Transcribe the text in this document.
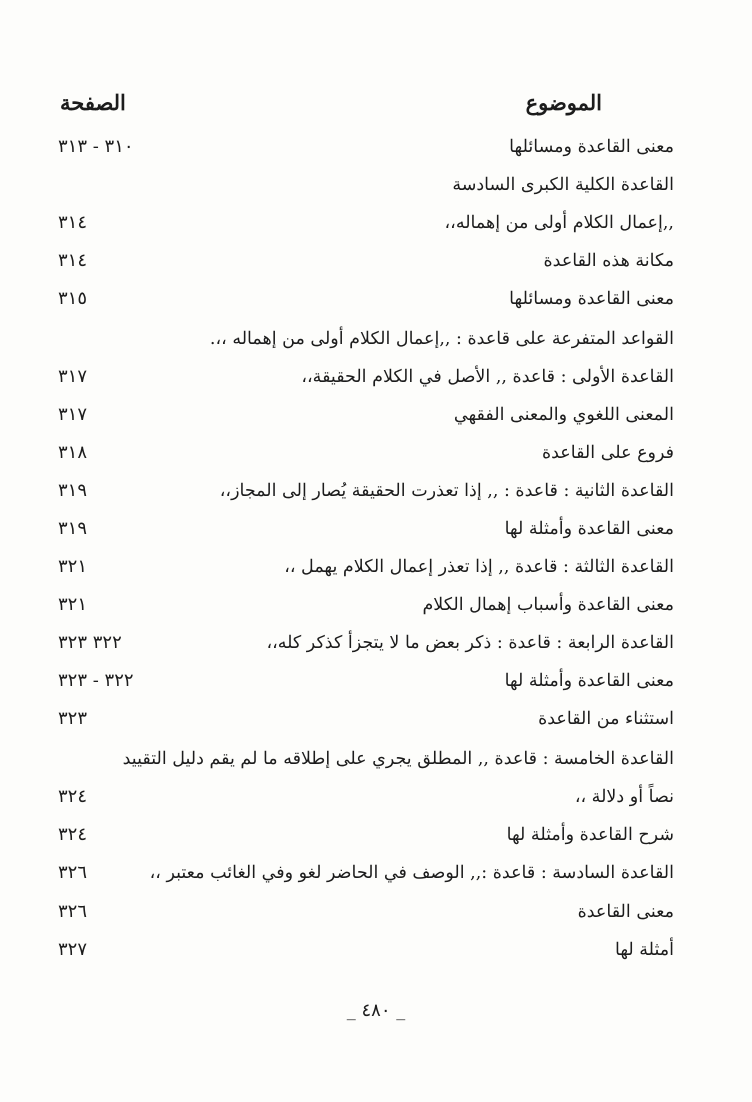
الموضوع
الصفحة
معنى القاعدة ومسائلها
٣١٠ - ٣١٣
القاعدة الكلية الكبرى السادسة
,,إعمال الكلام أولى من إهماله،،
٣١٤
مكانة هذه القاعدة
٣١٤
معنى القاعدة ومسائلها
٣١٥
القواعد المتفرعة على قاعدة : ,,إعمال الكلام أولى من إهماله ،،.
القاعدة الأولى : قاعدة ,, الأصل في الكلام الحقيقة،،
٣١٧
المعنى اللغوي والمعنى الفقهي
٣١٧
فروع على القاعدة
٣١٨
القاعدة الثانية : قاعدة : ,, إذا تعذرت الحقيقة يُصار إلى المجاز،،
٣١٩
معنى القاعدة وأمثلة لها
٣١٩
القاعدة الثالثة : قاعدة ,, إذا تعذر إعمال الكلام يهمل ،،
٣٢١
معنى القاعدة وأسباب إهمال الكلام
٣٢١
القاعدة الرابعة : قاعدة : ذكر بعض ما لا يتجزأ كذكر كله،،
٣٢٢ ٣٢٣
معنى القاعدة وأمثلة لها
٣٢٢ - ٣٢٣
استثناء من القاعدة
٣٢٣
القاعدة الخامسة : قاعدة ,, المطلق يجري على إطلاقه ما لم يقم دليل التقييد
نصاً أو دلالة ،،
٣٢٤
شرح القاعدة وأمثلة لها
٣٢٤
القاعدة السادسة : قاعدة :,, الوصف في الحاضر لغو وفي الغائب معتبر ،،
٣٢٦
معنى القاعدة
٣٢٦
أمثلة لها
٣٢٧
_ ٤٨٠ _
